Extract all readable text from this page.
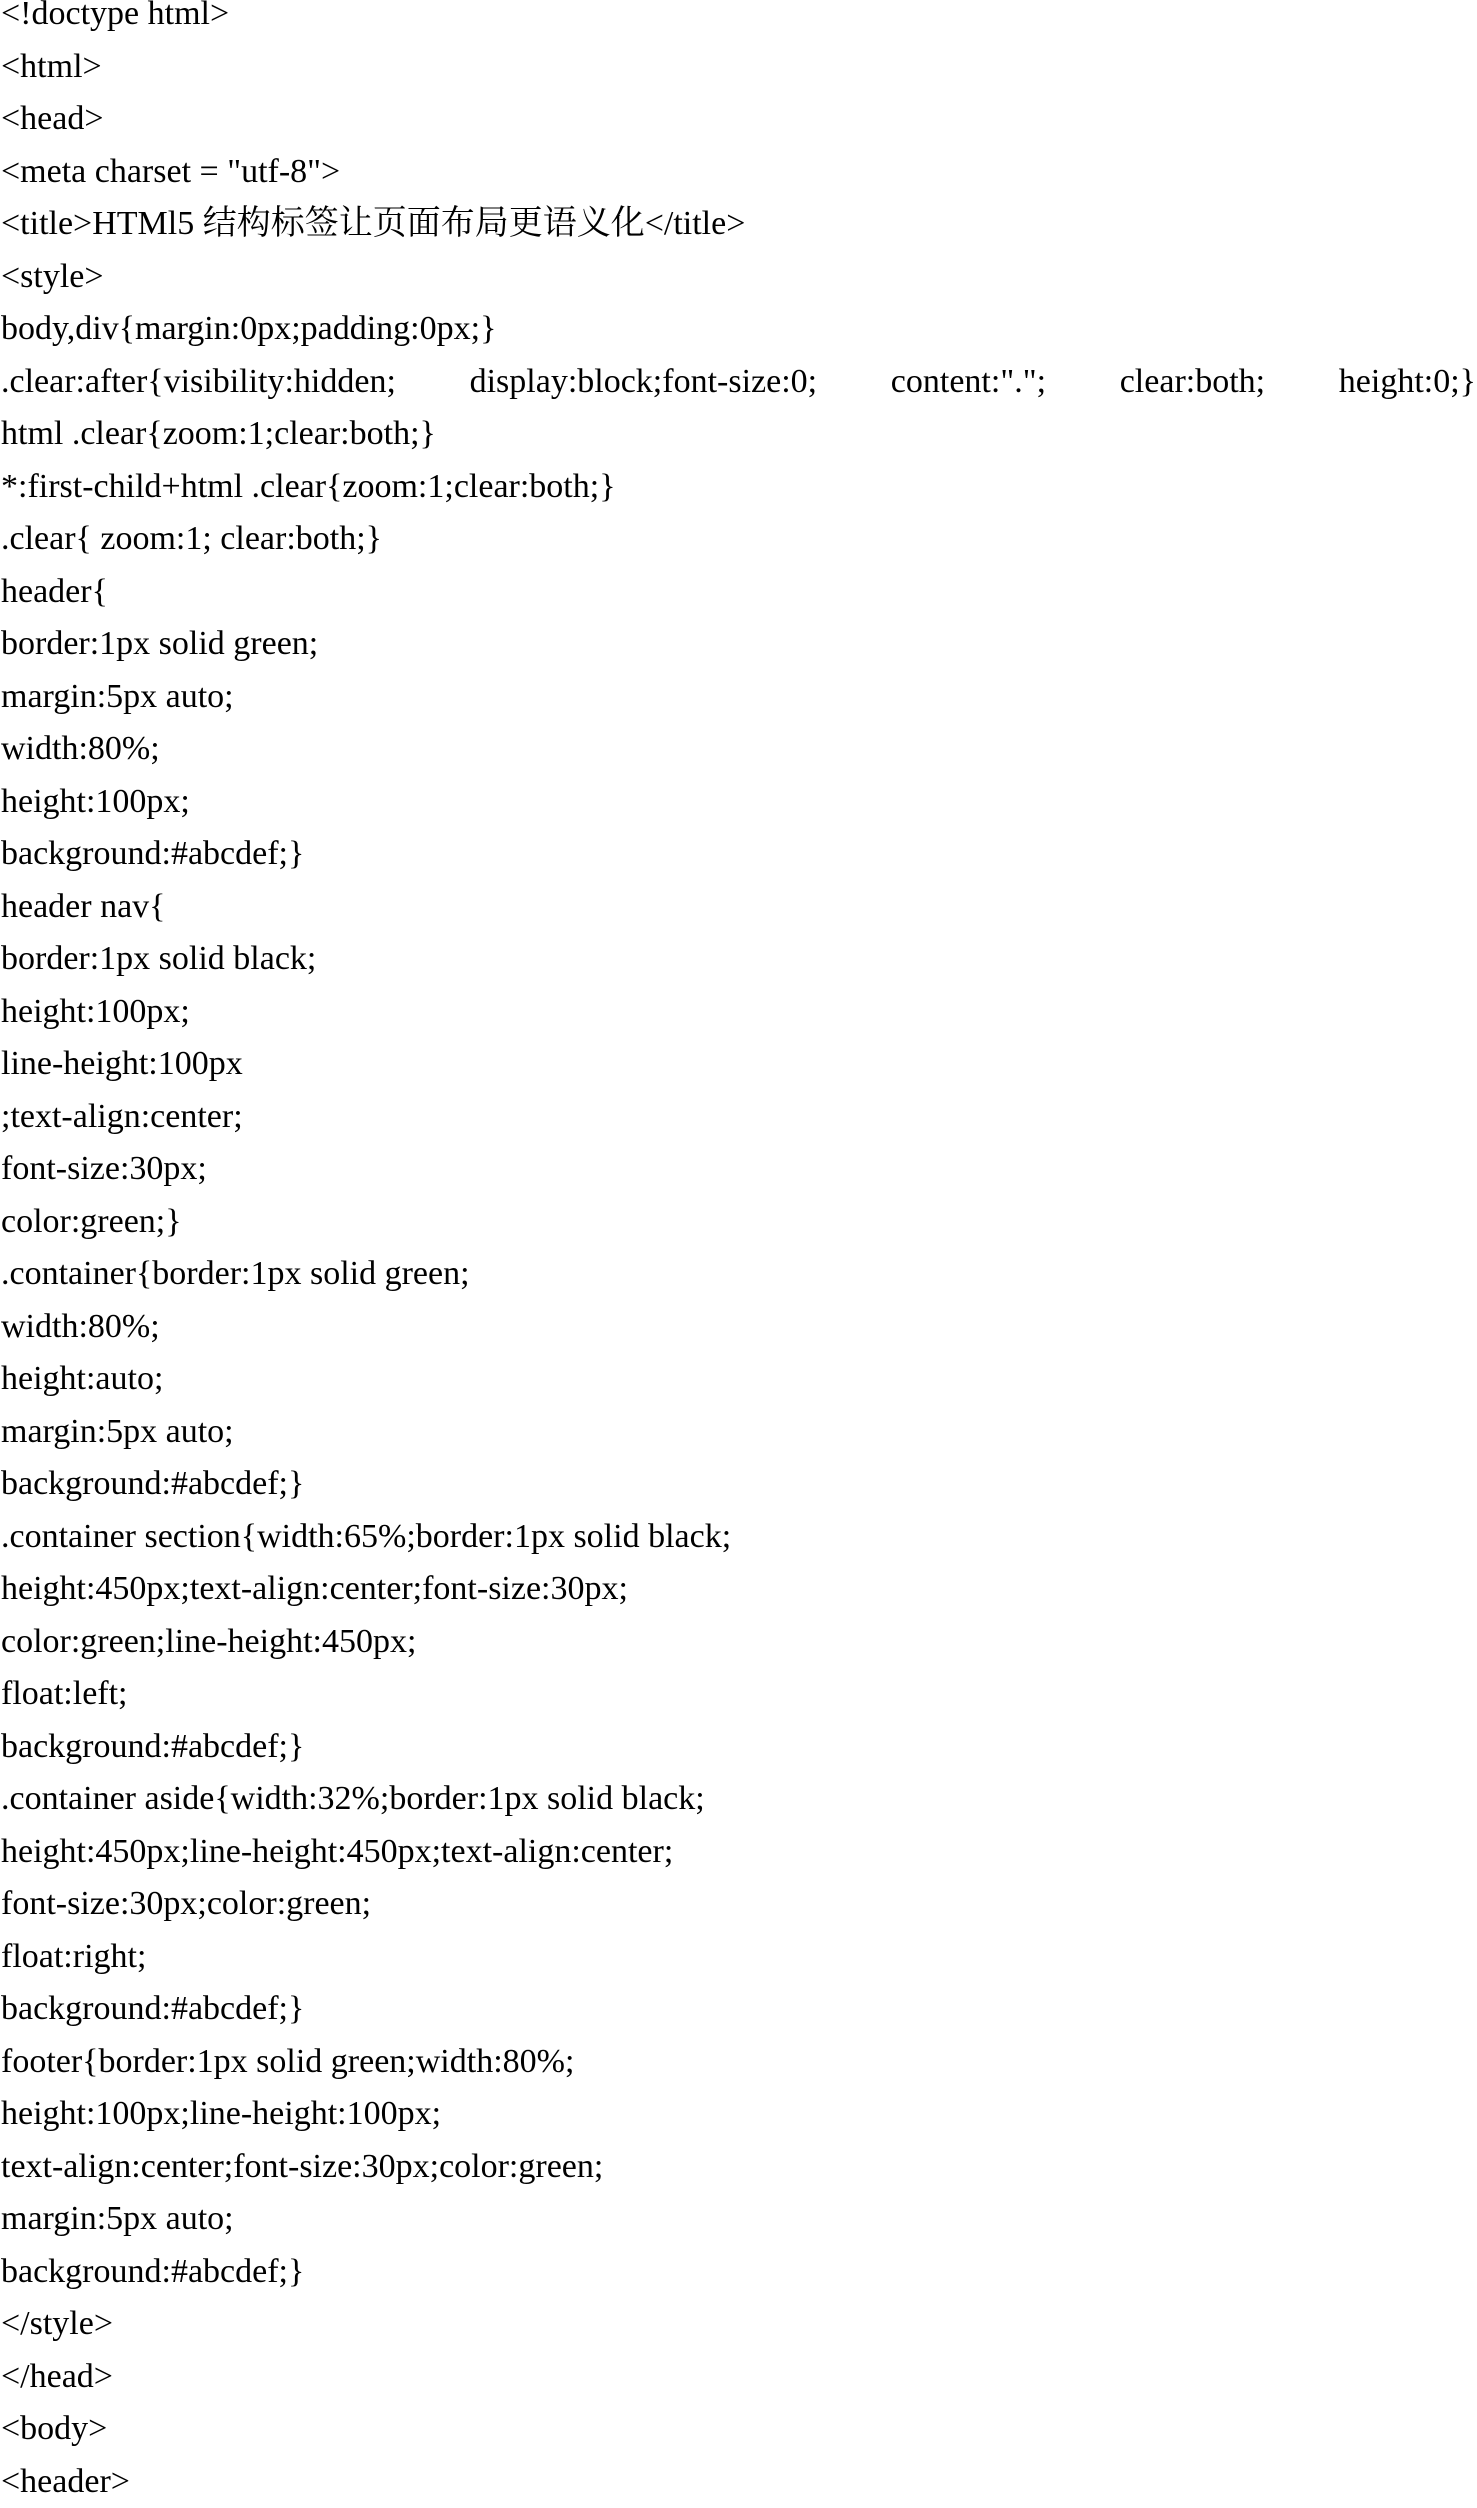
<!doctype html>
<html>
<head>
<meta charset = "utf-8">
<title>HTMl5 结构标签让页面布局更语义化</title>
<style>
body,div{margin:0px;padding:0px;}
.clear:after{visibility:hidden; display:block;font-size:0; content:"."; clear:both; height:0;}
html .clear{zoom:1;clear:both;}
*:first-child+html .clear{zoom:1;clear:both;}
.clear{ zoom:1; clear:both;}
header{
border:1px solid green;
margin:5px auto;
width:80%;
height:100px;
background:#abcdef;}
header nav{
border:1px solid black;
height:100px;
line-height:100px
;text-align:center;
font-size:30px;
color:green;}
.container{border:1px solid green;
width:80%;
height:auto;
margin:5px auto;
background:#abcdef;}
.container section{width:65%;border:1px solid black;
height:450px;text-align:center;font-size:30px;
color:green;line-height:450px;
float:left;
background:#abcdef;}
.container aside{width:32%;border:1px solid black;
height:450px;line-height:450px;text-align:center;
font-size:30px;color:green;
float:right;
background:#abcdef;}
footer{border:1px solid green;width:80%;
height:100px;line-height:100px;
text-align:center;font-size:30px;color:green;
margin:5px auto;
background:#abcdef;}
</style>
</head>
<body>
<header>
